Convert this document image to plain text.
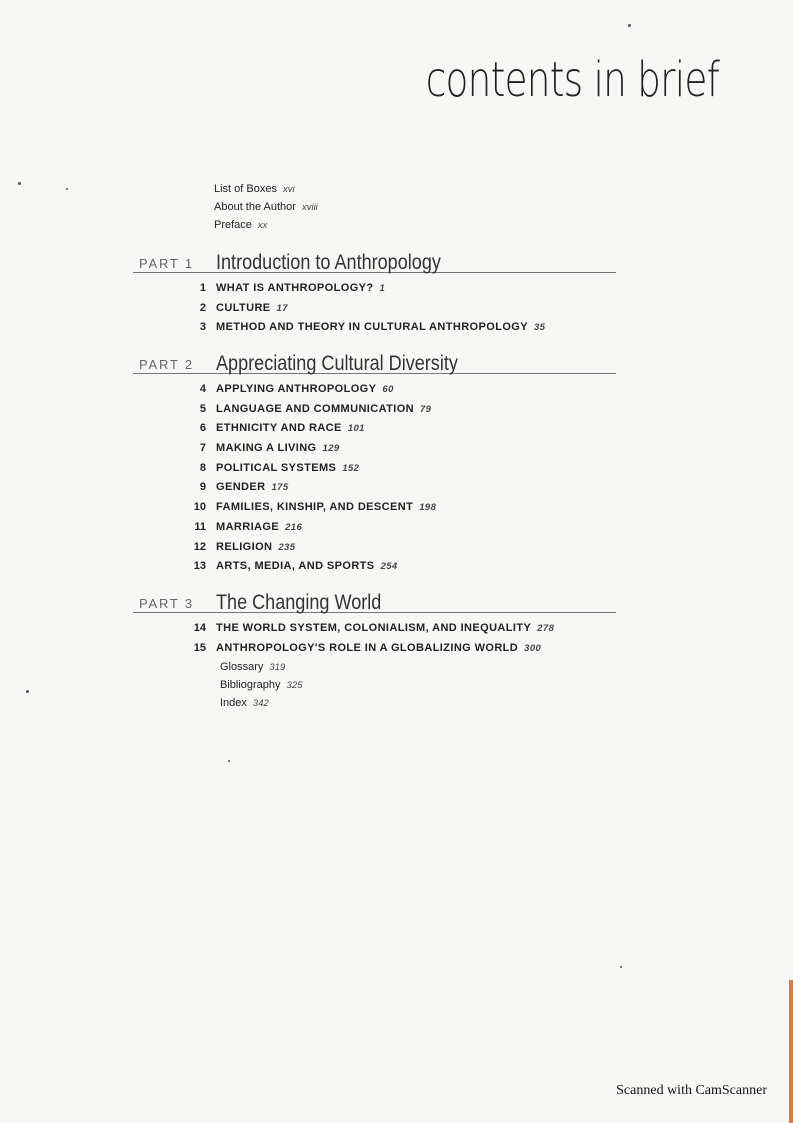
contents in brief
List of Boxes xvi
About the Author xviii
Preface xx
PART 1 Introduction to Anthropology
1 WHAT IS ANTHROPOLOGY? 1
2 CULTURE 17
3 METHOD AND THEORY IN CULTURAL ANTHROPOLOGY 35
PART 2 Appreciating Cultural Diversity
4 APPLYING ANTHROPOLOGY 60
5 LANGUAGE AND COMMUNICATION 79
6 ETHNICITY AND RACE 101
7 MAKING A LIVING 129
8 POLITICAL SYSTEMS 152
9 GENDER 175
10 FAMILIES, KINSHIP, AND DESCENT 198
11 MARRIAGE 216
12 RELIGION 235
13 ARTS, MEDIA, AND SPORTS 254
PART 3 The Changing World
14 THE WORLD SYSTEM, COLONIALISM, AND INEQUALITY 278
15 ANTHROPOLOGY'S ROLE IN A GLOBALIZING WORLD 300
Glossary 319
Bibliography 325
Index 342
Scanned with CamScanner
